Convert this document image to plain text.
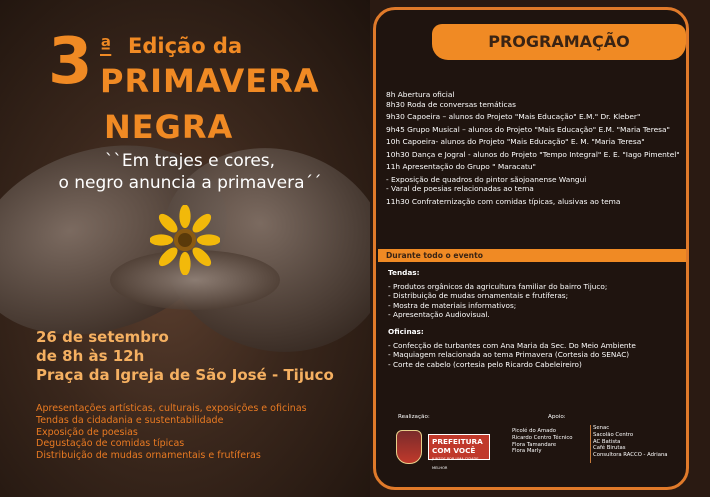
3 ª Edição da
PRIMAVERA
NEGRA
``Em trajes e cores,
o negro anuncia a primavera´´
26 de setembro
de 8h às 12h
Praça da Igreja de São José - Tijuco
Apresentações artísticas, culturais, exposições e oficinas
Tendas da cidadania e sustentabilidade
Exposição de poesias
Degustação de comidas típicas
Distribuição de mudas ornamentais e frutíferas
PROGRAMAÇÃO
8h Abertura oficial
8h30 Roda de conversas temáticas
9h30 Capoeira – alunos do Projeto "Mais Educação" E.M." Dr. Kleber"
9h45 Grupo Musical – alunos do Projeto "Mais Educação" E.M. "Maria Teresa"
10h Capoeira- alunos do Projeto "Mais Educação" E. M. "Maria Teresa"
10h30 Dança e Jogral - alunos do Projeto "Tempo Integral" E. E. "Iago Pimentel"
11h Apresentação do Grupo " Maracatu"
- Exposição de quadros do pintor sãojoanense Wangui
- Varal de poesias relacionadas ao tema
11h30 Confraternização com comidas típicas, alusivas ao tema
Durante todo o evento
Tendas:
- Produtos orgânicos da agricultura familiar do bairro Tijuco;
- Distribuição de mudas ornamentais e frutíferas;
- Mostra de materiais informativos;
- Apresentação Audiovisual.
Oficinas:
- Confecção de turbantes com Ana Maria da Sec. Do Meio Ambiente
- Maquiagem relacionada ao tema Primavera (Cortesia do SENAC)
- Corte de cabelo (cortesia pelo Ricardo Cabeleireiro)
Realização:	Apoio:
PREFEITURA COM VOCÊ
JUNTOS POR UMA CIDADE MELHOR
Picolé do Amado
Ricardo Centro Técnico
Flora Tamandare
Flora Marly
Senac
Sacolão Centro
AC Batista
Café Birutas
Consultora RACCO - Adriana
